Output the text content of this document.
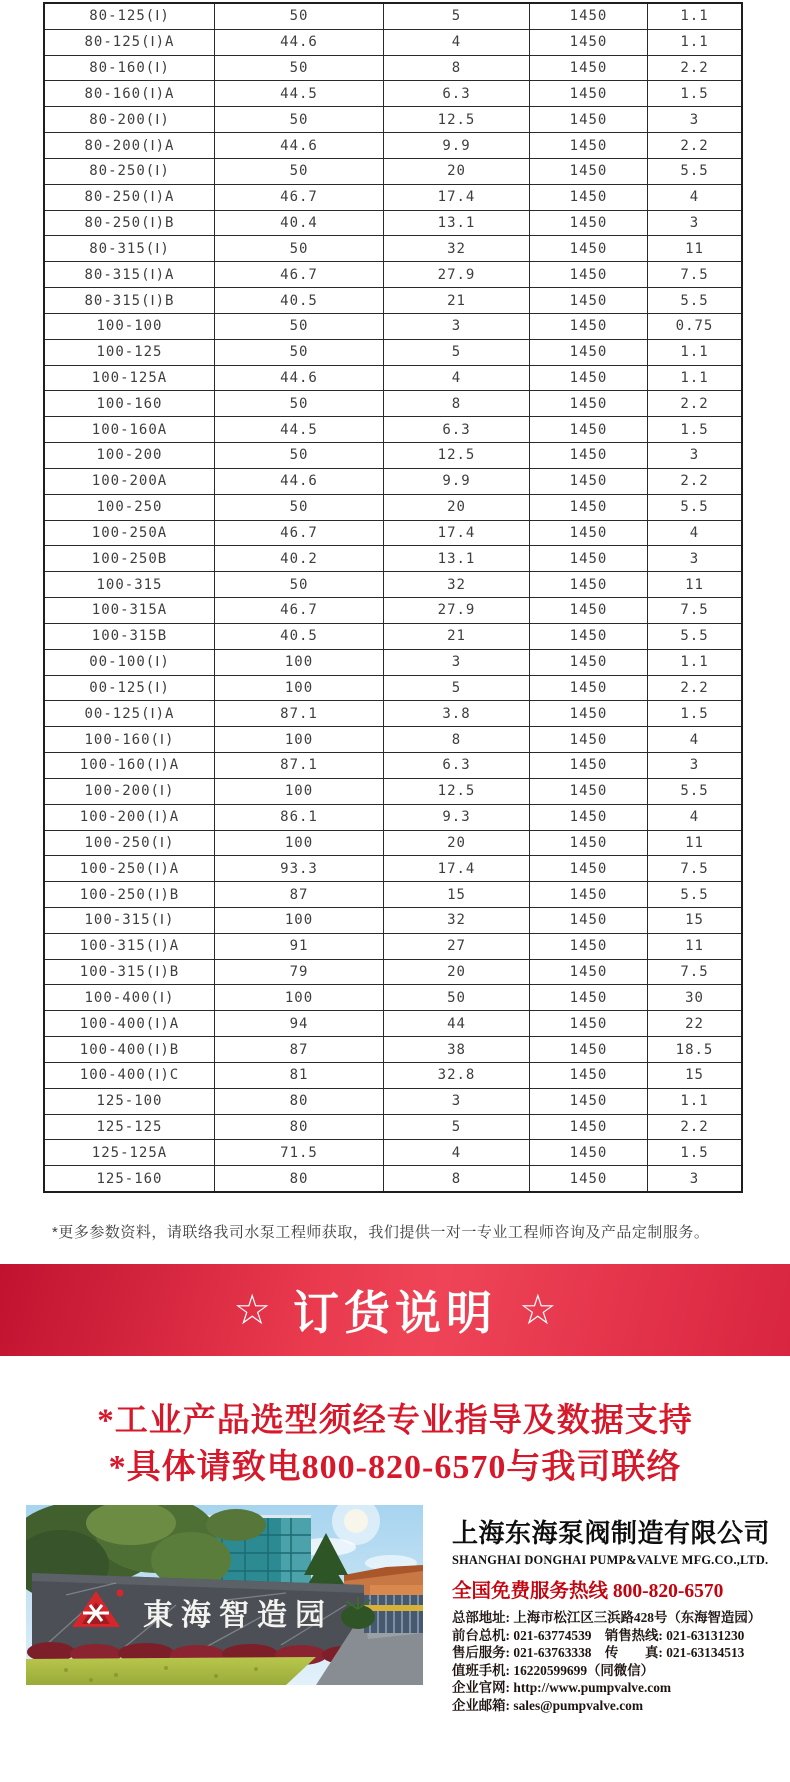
80-125(Ⅰ)	50	5	1450	1.1
80-125(Ⅰ)A	44.6	4	1450	1.1
80-160(Ⅰ)	50	8	1450	2.2
80-160(Ⅰ)A	44.5	6.3	1450	1.5
80-200(Ⅰ)	50	12.5	1450	3
80-200(Ⅰ)A	44.6	9.9	1450	2.2
80-250(Ⅰ)	50	20	1450	5.5
80-250(Ⅰ)A	46.7	17.4	1450	4
80-250(Ⅰ)B	40.4	13.1	1450	3
80-315(Ⅰ)	50	32	1450	11
80-315(Ⅰ)A	46.7	27.9	1450	7.5
80-315(Ⅰ)B	40.5	21	1450	5.5
100-100	50	3	1450	0.75
100-125	50	5	1450	1.1
100-125A	44.6	4	1450	1.1
100-160	50	8	1450	2.2
100-160A	44.5	6.3	1450	1.5
100-200	50	12.5	1450	3
100-200A	44.6	9.9	1450	2.2
100-250	50	20	1450	5.5
100-250A	46.7	17.4	1450	4
100-250B	40.2	13.1	1450	3
100-315	50	32	1450	11
100-315A	46.7	27.9	1450	7.5
100-315B	40.5	21	1450	5.5
00-100(Ⅰ)	100	3	1450	1.1
00-125(Ⅰ)	100	5	1450	2.2
00-125(Ⅰ)A	87.1	3.8	1450	1.5
100-160(Ⅰ)	100	8	1450	4
100-160(Ⅰ)A	87.1	6.3	1450	3
100-200(Ⅰ)	100	12.5	1450	5.5
100-200(Ⅰ)A	86.1	9.3	1450	4
100-250(Ⅰ)	100	20	1450	11
100-250(Ⅰ)A	93.3	17.4	1450	7.5
100-250(Ⅰ)B	87	15	1450	5.5
100-315(Ⅰ)	100	32	1450	15
100-315(Ⅰ)A	91	27	1450	11
100-315(Ⅰ)B	79	20	1450	7.5
100-400(Ⅰ)	100	50	1450	30
100-400(Ⅰ)A	94	44	1450	22
100-400(Ⅰ)B	87	38	1450	18.5
100-400(Ⅰ)C	81	32.8	1450	15
125-100	80	3	1450	1.1
125-125	80	5	1450	2.2
125-125A	71.5	4	1450	1.5
125-160	80	8	1450	3
*更多参数资料，请联络我司水泵工程师获取，我们提供一对一专业工程师咨询及产品定制服务。
☆ 订货说明 ☆
*工业产品选型须经专业指导及数据支持
*具体请致电800-820-6570与我司联络
東海智造园
上海东海泵阀制造有限公司
SHANGHAI DONGHAI PUMP&VALVE MFG.CO.,LTD.
全国免费服务热线 800-820-6570
总部地址: 上海市松江区三浜路428号（东海智造园）
前台总机: 021-63774539　销售热线: 021-63131230
售后服务: 021-63763338　传　　真: 021-63134513
值班手机: 16220599699（同微信）
企业官网: http://www.pumpvalve.com
企业邮箱: sales@pumpvalve.com
